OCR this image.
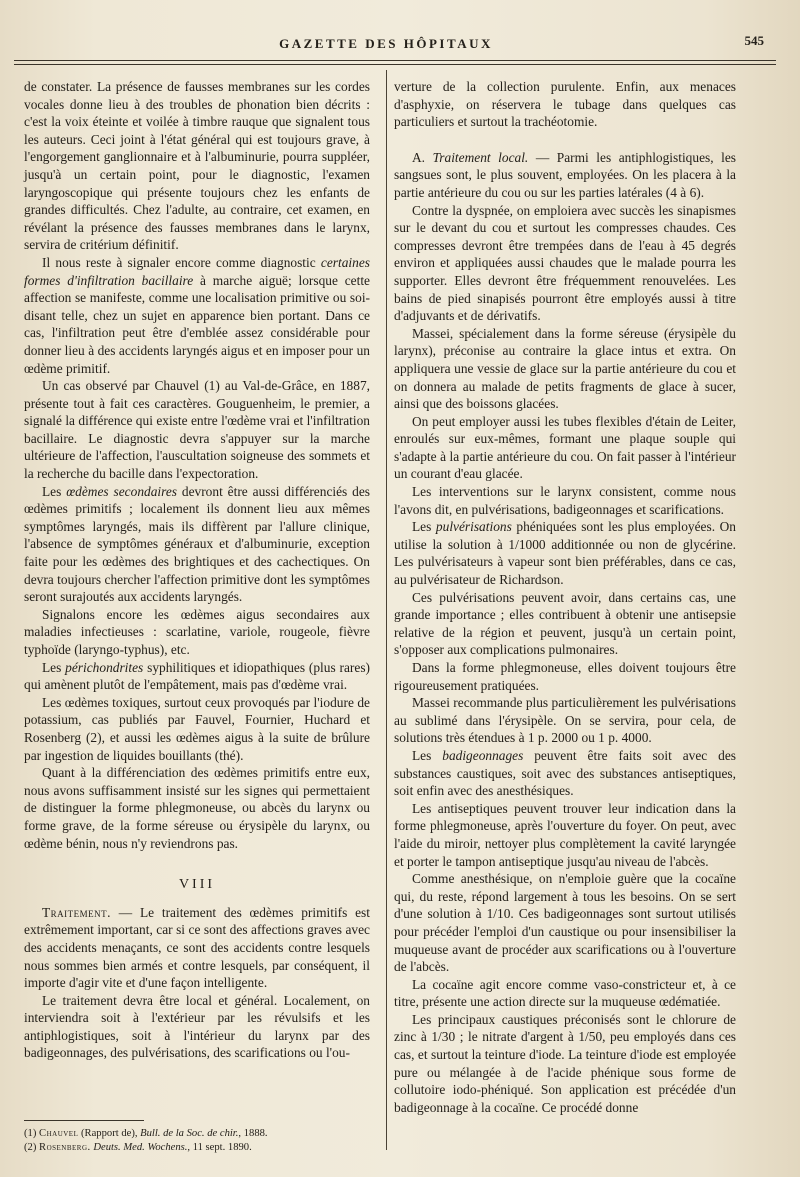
GAZETTE DES HÔPITAUX	545

de constater. La présence de fausses membranes sur les cordes vocales donne lieu à des troubles de phonation bien décrits : c'est la voix éteinte et voilée à timbre rauque que signalent tous les auteurs. Ceci joint à l'état général qui est toujours grave, à l'engorgement ganglionnaire et à l'albuminurie, pourra suppléer, jusqu'à un certain point, pour le diagnostic, l'examen laryngoscopique qui présente toujours chez les enfants de grandes difficultés. Chez l'adulte, au contraire, cet examen, en révélant la présence des fausses membranes dans le larynx, servira de critérium définitif.

Il nous reste à signaler encore comme diagnostic certaines formes d'infiltration bacillaire à marche aiguë; lorsque cette affection se manifeste, comme une localisation primitive ou soi-disant telle, chez un sujet en apparence bien portant. Dans ce cas, l'infiltration peut être d'emblée assez considérable pour donner lieu à des accidents laryngés aigus et en imposer pour un œdème primitif.

Un cas observé par Chauvel (1) au Val-de-Grâce, en 1887, présente tout à fait ces caractères. Gouguenheim, le premier, a signalé la différence qui existe entre l'œdème vrai et l'infiltration bacillaire. Le diagnostic devra s'appuyer sur la marche ultérieure de l'affection, l'auscultation soigneuse des sommets et la recherche du bacille dans l'expectoration.

Les œdèmes secondaires devront être aussi différenciés des œdèmes primitifs ; localement ils donnent lieu aux mêmes symptômes laryngés, mais ils diffèrent par l'allure clinique, l'absence de symptômes généraux et d'albuminurie, exception faite pour les œdèmes des brightiques et des cachectiques. On devra toujours chercher l'affection primitive dont les symptômes seront surajoutés aux accidents laryngés.

Signalons encore les œdèmes aigus secondaires aux maladies infectieuses : scarlatine, variole, rougeole, fièvre typhoïde (laryngo-typhus), etc.

Les périchondrites syphilitiques et idiopathiques (plus rares) qui amènent plutôt de l'empâtement, mais pas d'œdème vrai.

Les œdèmes toxiques, surtout ceux provoqués par l'iodure de potassium, cas publiés par Fauvel, Fournier, Huchard et Rosenberg (2), et aussi les œdèmes aigus à la suite de brûlure par ingestion de liquides bouillants (thé).

Quant à la différenciation des œdèmes primitifs entre eux, nous avons suffisamment insisté sur les signes qui permettaient de distinguer la forme phlegmoneuse, ou abcès du larynx ou forme grave, de la forme séreuse ou érysipèle du larynx, ou œdème bénin, nous n'y reviendrons pas.

VIII

Traitement. — Le traitement des œdèmes primitifs est extrêmement important, car si ce sont des affections graves avec des accidents menaçants, ce sont des accidents contre lesquels nous sommes bien armés et contre lesquels, par conséquent, il importe d'agir vite et d'une façon intelligente.

Le traitement devra être local et général. Localement, on interviendra soit à l'extérieur par les révulsifs et les antiphlogistiques, soit à l'intérieur du larynx par des badigeonnages, des pulvérisations, des scarifications ou l'ou-

(1) Chauvel (Rapport de), Bull. de la Soc. de chir., 1888.

(2) Rosenberg. Deuts. Med. Wochens., 11 sept. 1890.

verture de la collection purulente. Enfin, aux menaces d'asphyxie, on réservera le tubage dans quelques cas particuliers et surtout la trachéotomie.

A. Traitement local. — Parmi les antiphlogistiques, les sangsues sont, le plus souvent, employées. On les placera à la partie antérieure du cou ou sur les parties latérales (4 à 6).

Contre la dyspnée, on emploiera avec succès les sinapismes sur le devant du cou et surtout les compresses chaudes. Ces compresses devront être trempées dans de l'eau à 45 degrés environ et appliquées aussi chaudes que le malade pourra les supporter. Elles devront être fréquemment renouvelées. Les bains de pied sinapisés pourront être employés aussi à titre d'adjuvants et de dérivatifs.

Massei, spécialement dans la forme séreuse (érysipèle du larynx), préconise au contraire la glace intus et extra. On appliquera une vessie de glace sur la partie antérieure du cou et on donnera au malade de petits fragments de glace à sucer, ainsi que des boissons glacées.

On peut employer aussi les tubes flexibles d'étain de Leiter, enroulés sur eux-mêmes, formant une plaque souple qui s'adapte à la partie antérieure du cou. On fait passer à l'intérieur un courant d'eau glacée.

Les interventions sur le larynx consistent, comme nous l'avons dit, en pulvérisations, badigeonnages et scarifications.

Les pulvérisations phéniquées sont les plus employées. On utilise la solution à 1/1000 additionnée ou non de glycérine. Les pulvérisateurs à vapeur sont bien préférables, dans ce cas, au pulvérisateur de Richardson.

Ces pulvérisations peuvent avoir, dans certains cas, une grande importance ; elles contribuent à obtenir une antisepsie relative de la région et peuvent, jusqu'à un certain point, s'opposer aux complications pulmonaires.

Dans la forme phlegmoneuse, elles doivent toujours être rigoureusement pratiquées.

Massei recommande plus particulièrement les pulvérisations au sublimé dans l'érysipèle. On se servira, pour cela, de solutions très étendues à 1 p. 2000 ou 1 p. 4000.

Les badigeonnages peuvent être faits soit avec des substances caustiques, soit avec des substances antiseptiques, soit enfin avec des anesthésiques.

Les antiseptiques peuvent trouver leur indication dans la forme phlegmoneuse, après l'ouverture du foyer. On peut, avec l'aide du miroir, nettoyer plus complètement la cavité laryngée et porter le tampon antiseptique jusqu'au niveau de l'abcès.

Comme anesthésique, on n'emploie guère que la cocaïne qui, du reste, répond largement à tous les besoins. On se sert d'une solution à 1/10. Ces badigeonnages sont surtout utilisés pour précéder l'emploi d'un caustique ou pour insensibiliser la muqueuse avant de procéder aux scarifications ou à l'ouverture de l'abcès.

La cocaïne agit encore comme vaso-constricteur et, à ce titre, présente une action directe sur la muqueuse œdématiée.

Les principaux caustiques préconisés sont le chlorure de zinc à 1/30 ; le nitrate d'argent à 1/50, peu employés dans ces cas, et surtout la teinture d'iode. La teinture d'iode est employée pure ou mélangée à de l'acide phénique sous forme de collutoire iodo-phéniqué. Son application est précédée d'un badigeonnage à la cocaïne. Ce procédé donne
